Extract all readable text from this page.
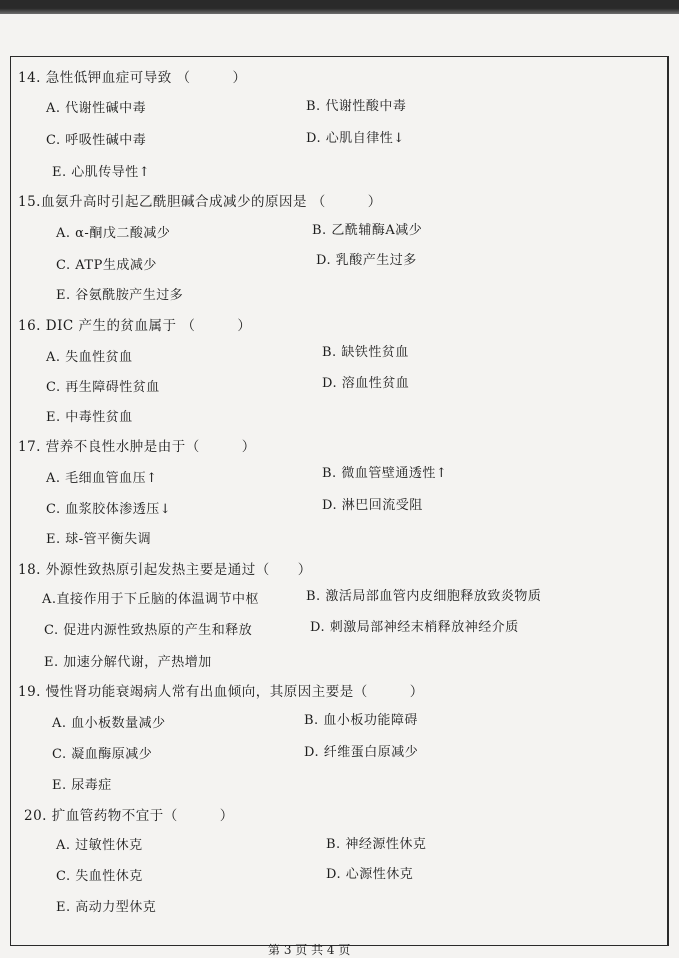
14. 急性低钾血症可导致 （　　　）
A. 代谢性碱中毒	B. 代谢性酸中毒
C. 呼吸性碱中毒	D. 心肌自律性↓
E. 心肌传导性↑
15.血氨升高时引起乙酰胆碱合成减少的原因是 （　　　）
A. α-酮戊二酸减少	B. 乙酰辅酶A减少
C. ATP生成减少	D. 乳酸产生过多
E. 谷氨酰胺产生过多
16. DIC 产生的贫血属于 （　　　）
A. 失血性贫血	B. 缺铁性贫血
C. 再生障碍性贫血	D. 溶血性贫血
E. 中毒性贫血
17. 营养不良性水肿是由于（　　　）
A. 毛细血管血压↑	B. 微血管壁通透性↑
C. 血浆胶体渗透压↓	D. 淋巴回流受阻
E. 球-管平衡失调
18. 外源性致热原引起发热主要是通过（　　）
A.直接作用于下丘脑的体温调节中枢	B. 激活局部血管内皮细胞释放致炎物质
C. 促进内源性致热原的产生和释放	D. 刺激局部神经末梢释放神经介质
E. 加速分解代谢，产热增加
19. 慢性肾功能衰竭病人常有出血倾向，其原因主要是（　　　）
A. 血小板数量减少	B. 血小板功能障碍
C. 凝血酶原减少	D. 纤维蛋白原减少
E. 尿毒症
20. 扩血管药物不宜于（　　　）
A. 过敏性休克	B. 神经源性休克
C. 失血性休克	D. 心源性休克
E. 高动力型休克
第 3 页 共 4 页
